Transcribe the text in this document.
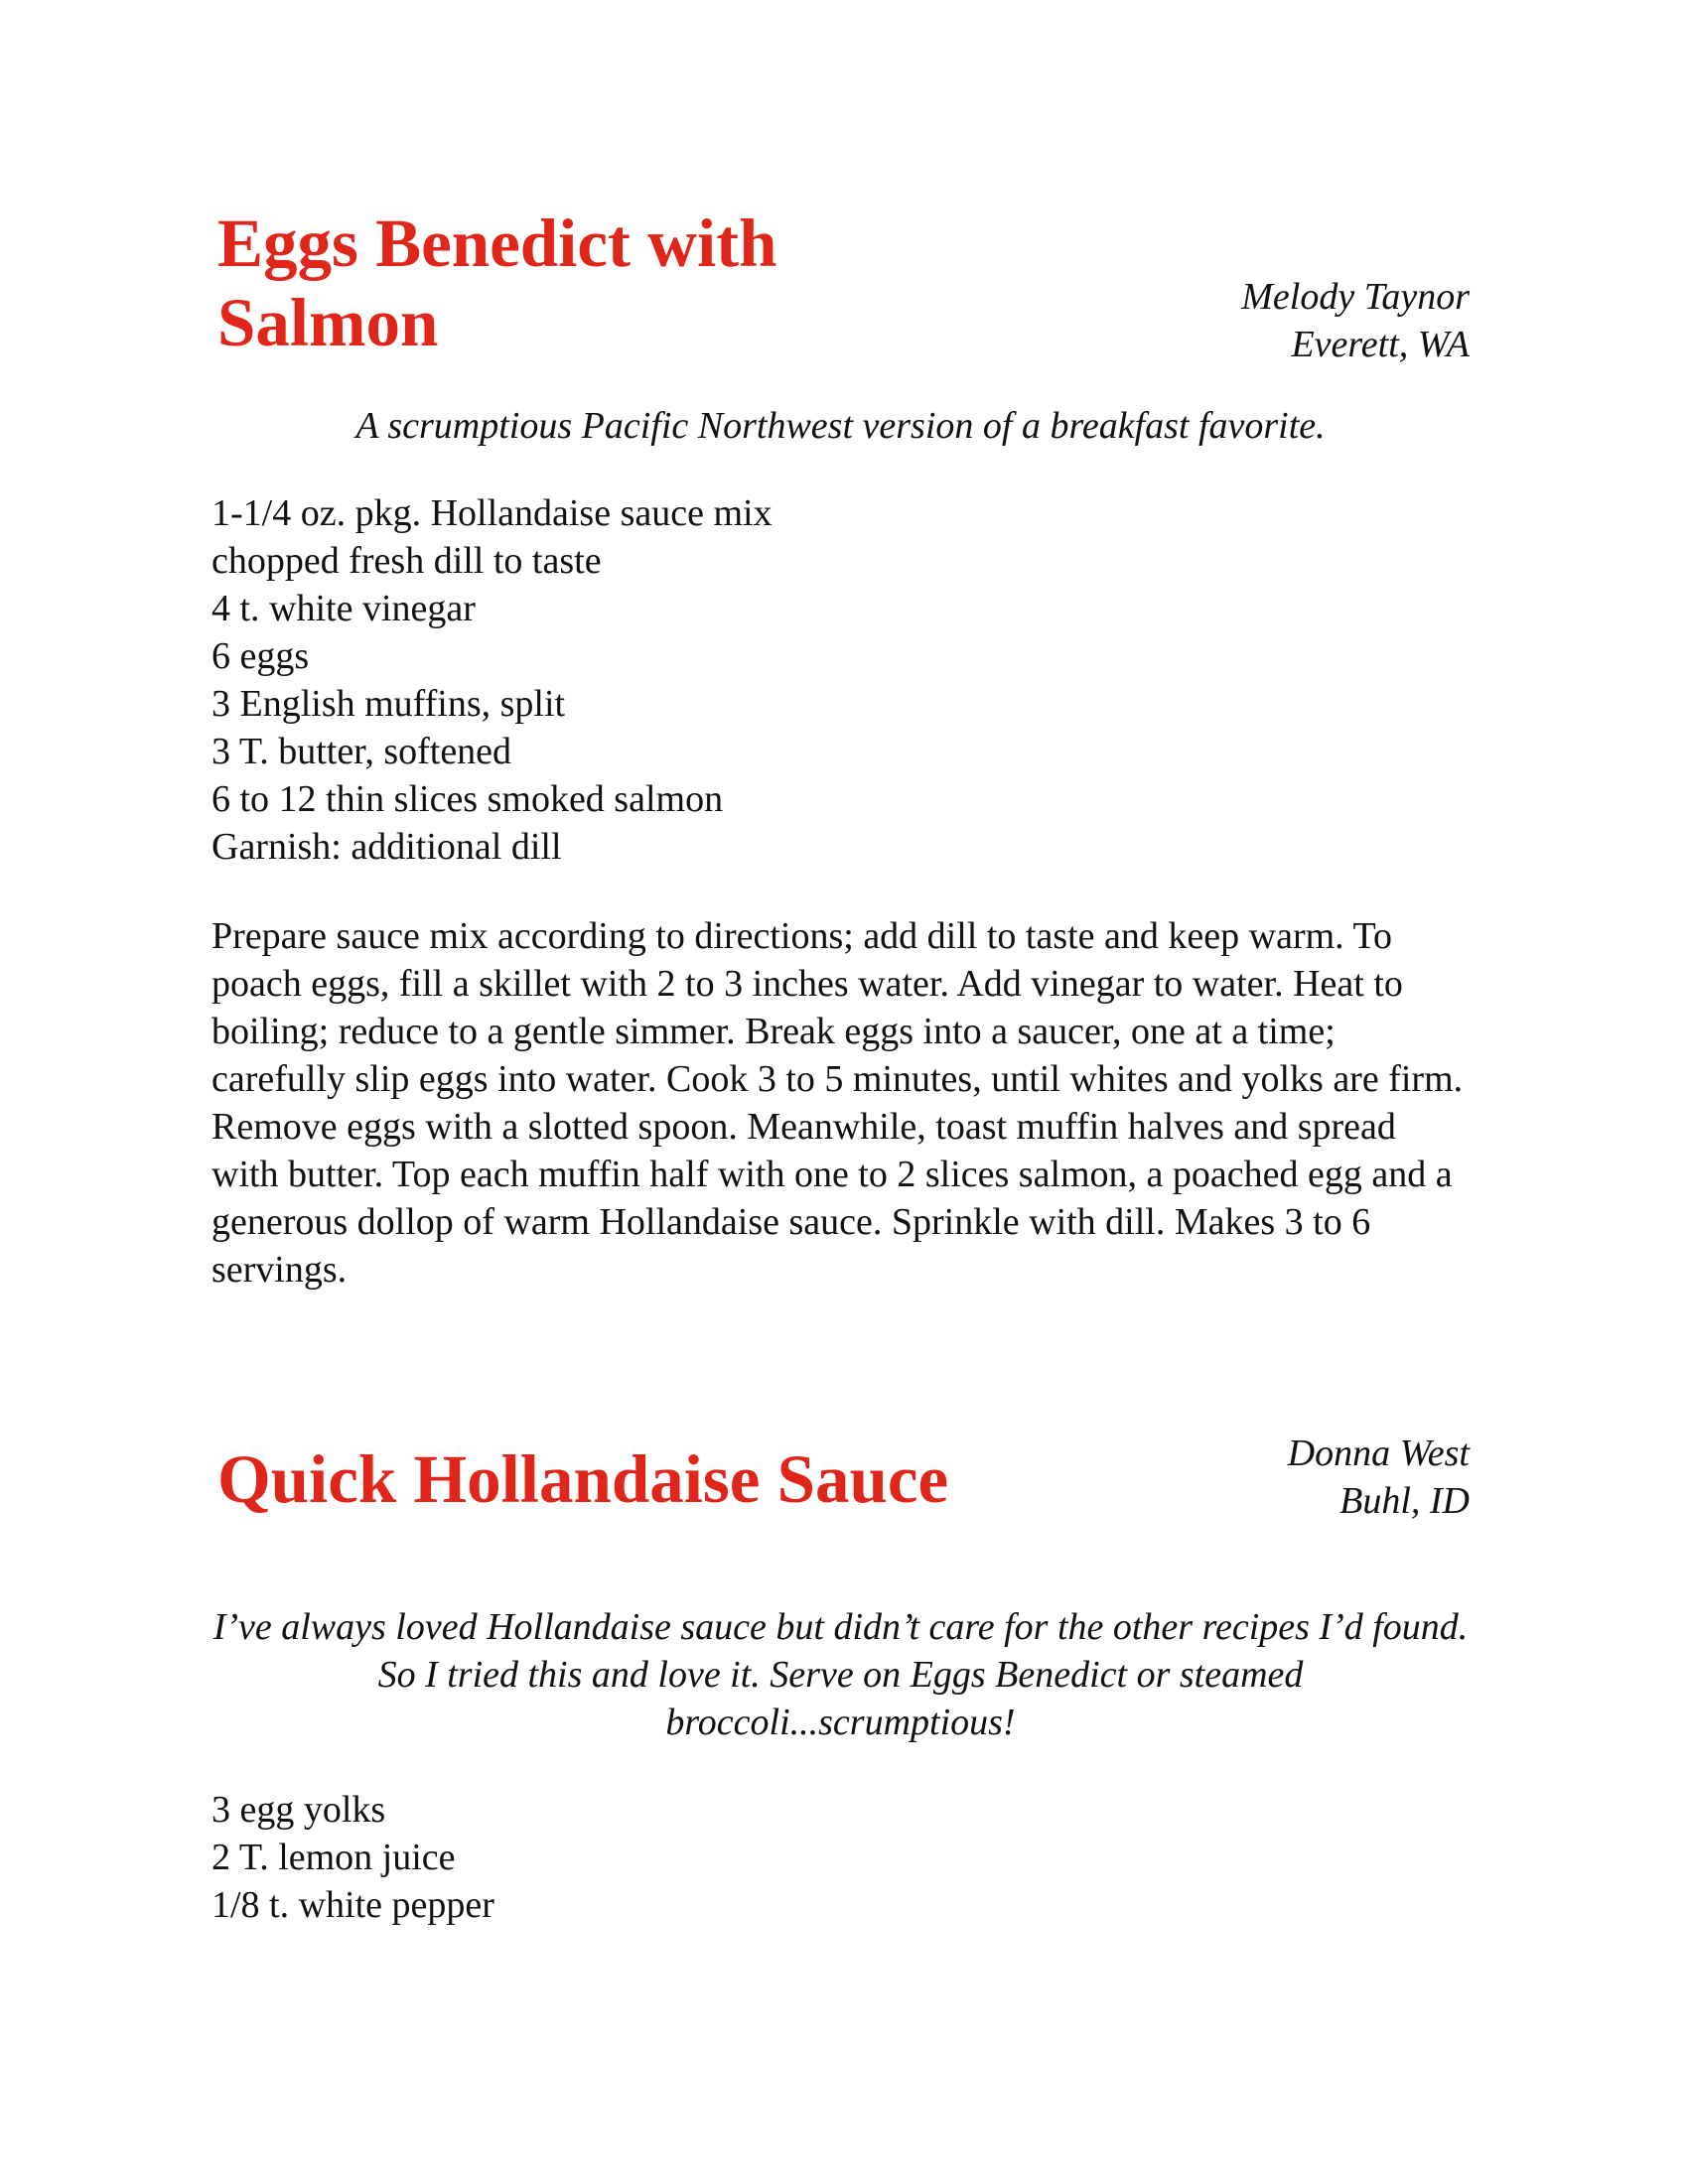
Eggs Benedict with Salmon	Melody Taynor
Everett, WA

A scrumptious Pacific Northwest version of a breakfast favorite.

1-1/4 oz. pkg. Hollandaise sauce mix
chopped fresh dill to taste
4 t. white vinegar
6 eggs
3 English muffins, split
3 T. butter, softened
6 to 12 thin slices smoked salmon
Garnish: additional dill

Prepare sauce mix according to directions; add dill to taste and keep warm. To poach eggs, fill a skillet with 2 to 3 inches water. Add vinegar to water. Heat to boiling; reduce to a gentle simmer. Break eggs into a saucer, one at a time; carefully slip eggs into water. Cook 3 to 5 minutes, until whites and yolks are firm. Remove eggs with a slotted spoon. Meanwhile, toast muffin halves and spread with butter. Top each muffin half with one to 2 slices salmon, a poached egg and a generous dollop of warm Hollandaise sauce. Sprinkle with dill. Makes 3 to 6 servings.

Quick Hollandaise Sauce	Donna West
Buhl, ID

I’ve always loved Hollandaise sauce but didn’t care for the other recipes I’d found. So I tried this and love it. Serve on Eggs Benedict or steamed broccoli...scrumptious!

3 egg yolks
2 T. lemon juice
1/8 t. white pepper
